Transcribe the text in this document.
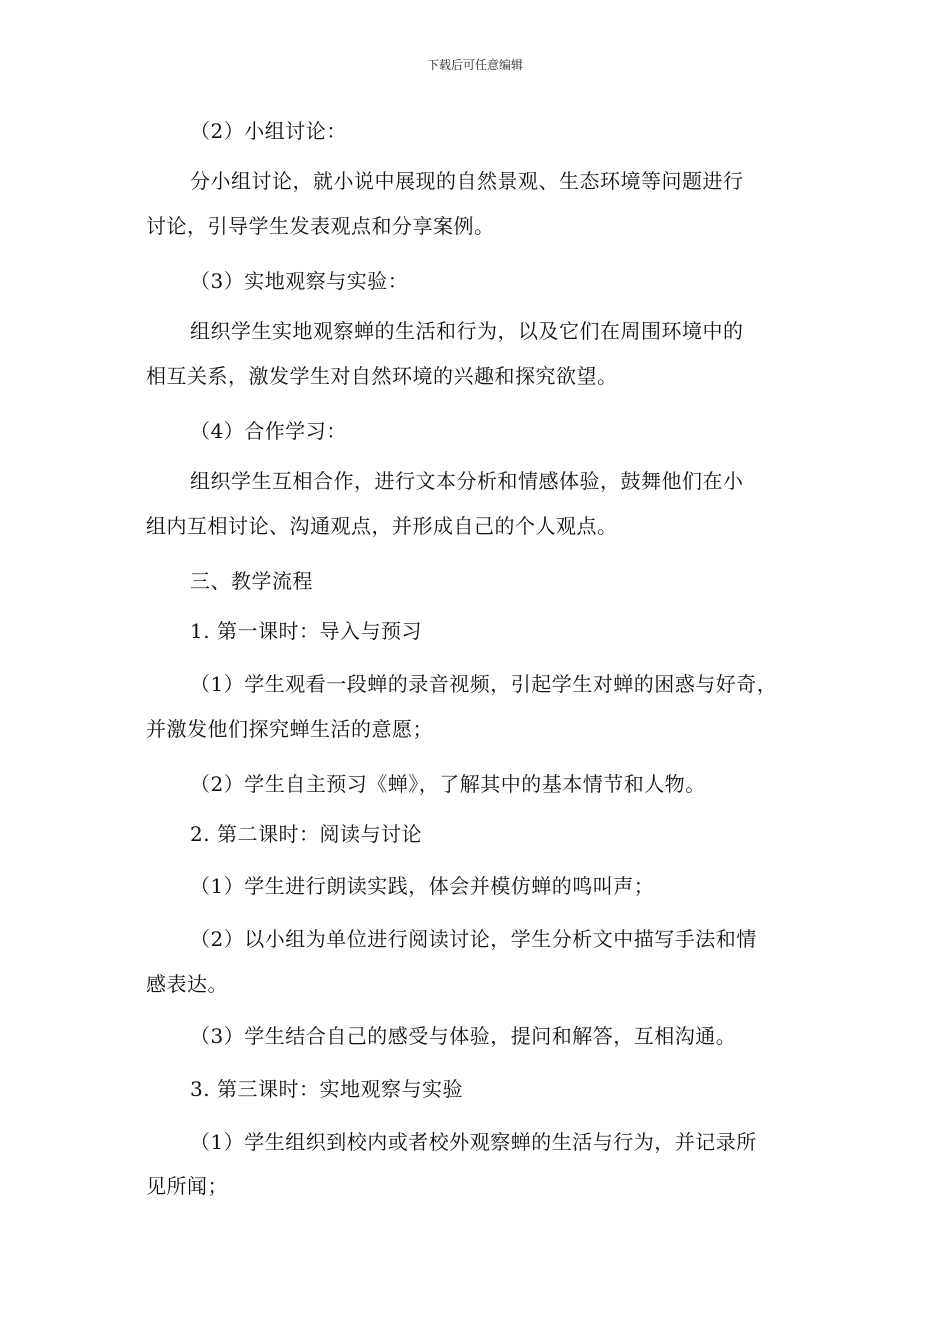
下载后可任意编辑
（2）小组讨论：
分小组讨论，就小说中展现的自然景观、生态环境等问题进行
讨论，引导学生发表观点和分享案例。
（3）实地观察与实验：
组织学生实地观察蝉的生活和行为，以及它们在周围环境中的
相互关系，激发学生对自然环境的兴趣和探究欲望。
（4）合作学习：
组织学生互相合作，进行文本分析和情感体验，鼓舞他们在小
组内互相讨论、沟通观点，并形成自己的个人观点。
三、教学流程
1. 第一课时：导入与预习
（1）学生观看一段蝉的录音视频，引起学生对蝉的困惑与好奇，
并激发他们探究蝉生活的意愿；
（2）学生自主预习《蝉》，了解其中的基本情节和人物。
2. 第二课时：阅读与讨论
（1）学生进行朗读实践，体会并模仿蝉的鸣叫声；
（2）以小组为单位进行阅读讨论，学生分析文中描写手法和情
感表达。
（3）学生结合自己的感受与体验，提问和解答，互相沟通。
3. 第三课时：实地观察与实验
（1）学生组织到校内或者校外观察蝉的生活与行为，并记录所
见所闻；
